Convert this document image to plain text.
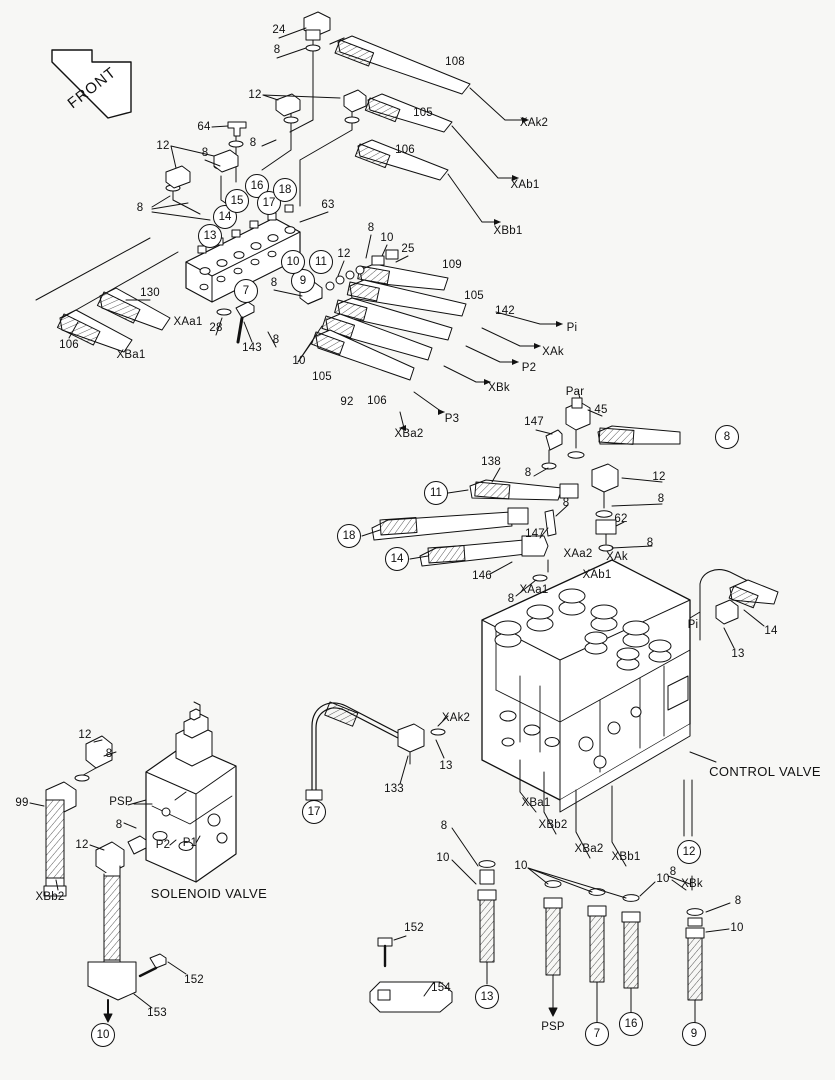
FRONT
24
8
108
12
105
XAk2
64
8
106
12
8
XAb1
8	63
XBb1
8
10
25
12
109
105
130
8
142
Pi
28
143
8
XAk
106
XBa1
XAa1
10
105
P2
XBk
92 106
P3
XBa2
Par
45
147
138
8	12
8
8
62
147
8
XAa2 XAk
146	XAb1
8
XAa1
Pi	14
13
XAk2
133
13
12
8
PSP
99
8
P2 P1
12
XBb2
XBa1
XBb2
8
XBa2
XBb1
10
10	8
XBk
10
8
10
152
154
152
153
PSP
13
14
15
16
17
18
7
9
10	11
8
11
18
14
17
12
10
13
7
16
9
CONTROL VALVE
SOLENOID VALVE
